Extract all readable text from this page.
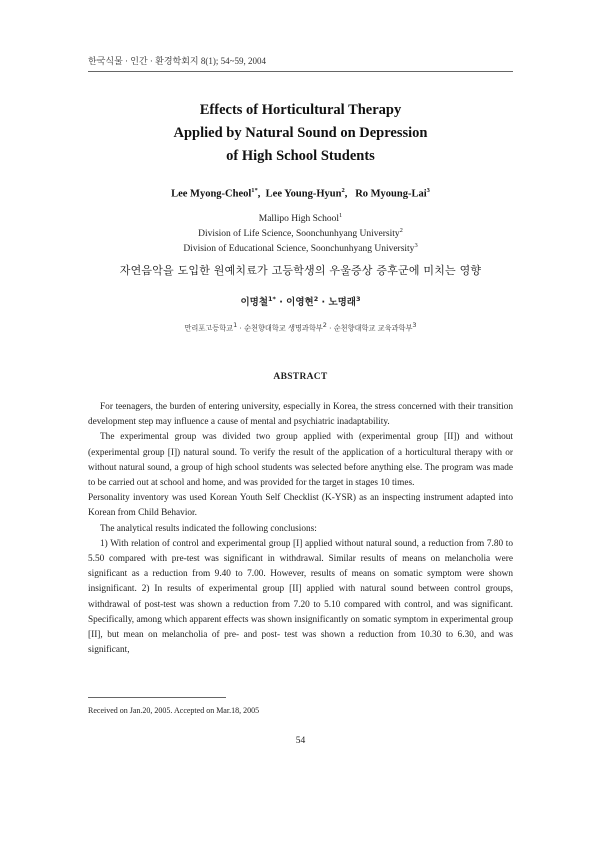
한국식물 · 인간 · 환경학회지 8(1); 54~59, 2004
Effects of Horticultural Therapy
Applied by Natural Sound on Depression
of High School Students
Lee Myong-Cheol$^{1*}$,  Lee Young-Hyun$^2$,   Ro Myoung-Lai$^3$
Mallipo High School$^1$
Division of Life Science, Soonchunhyang University$^2$
Division of Educational Science, Soonchunhyang University$^3$
자연음악을 도입한 원예치료가 고등학생의 우울증상 증후군에 미치는 영향
이명철$^{1*}$ · 이영현$^2$ · 노명래$^3$
만리포고등학교$^1$ · 순천향대학교 생명과학부$^2$ · 순천향대학교 교육과학부$^3$
ABSTRACT

For teenagers, the burden of entering university, especially in Korea, the stress concerned with their transition development step may influence a cause of mental and psychiatric inadaptability.

The experimental group was divided two group applied with (experimental group [II]) and without (experimental group [I]) natural sound. To verify the result of the application of a horticultural therapy with or without natural sound, a group of high school students was selected before anything else. The program was made to be carried out at school and home, and was provided for the target in stages 10 times.

Personality inventory was used Korean Youth Self Checklist (K-YSR) as an inspecting instrument adapted into Korean from Child Behavior.

The analytical results indicated the following conclusions:

1) With relation of control and experimental group [I] applied without natural sound, a reduction from 7.80 to 5.50 compared with pre-test was significant in withdrawal. Similar results of means on melancholia were significant as a reduction from 9.40 to 7.00. However, results of means on somatic symptom were shown insignificant. 2) In results of experimental group [II] applied with natural sound between control groups, withdrawal of post-test was shown a reduction from 7.20 to 5.10 compared with control, and was significant. Specifically, among which apparent effects was shown insignificantly on somatic symptom in experimental group [II], but mean on melancholia of pre- and post- test was shown a reduction from 10.30 to 6.30, and was significant,

Received on Jan.20, 2005. Accepted on Mar.18, 2005
54
